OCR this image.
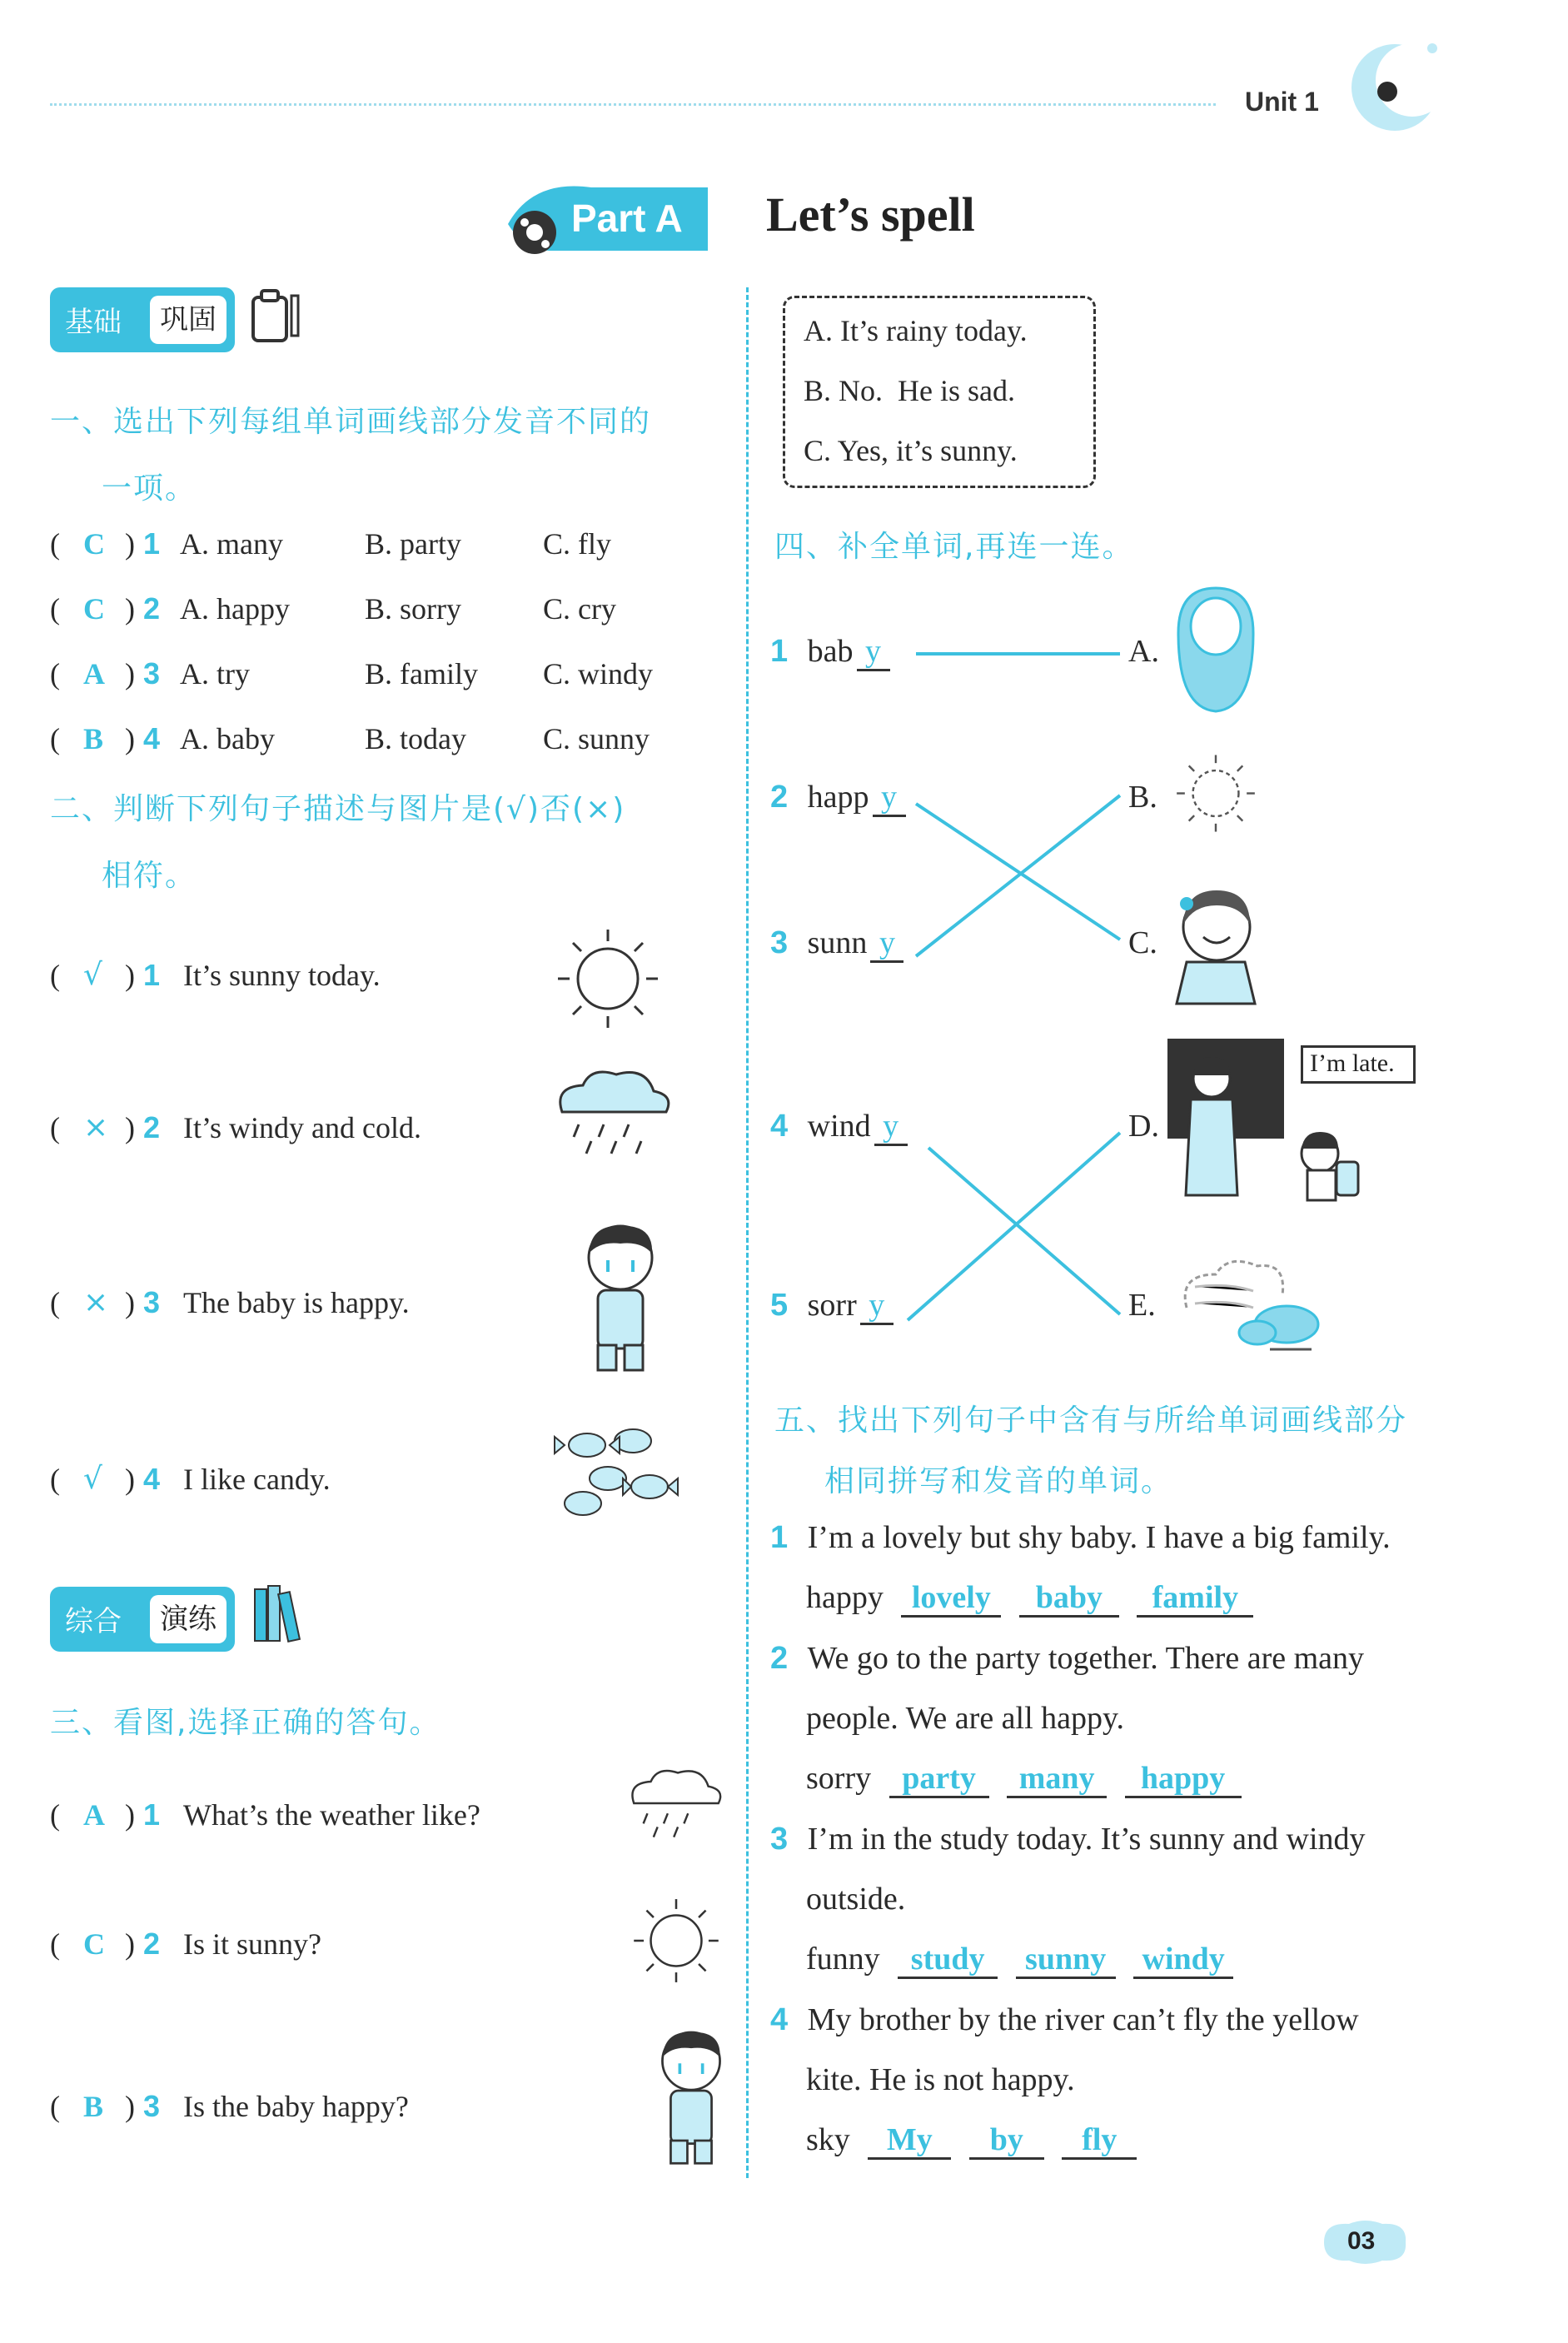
Unit 1
Part A Let’s spell
基础	巩固
一、选出下列每组单词画线部分发音不同的
一项。
( C ) 1 A. many	B. party	C. fly
( C ) 2 A. happy	B. sorry	C. cry
( A ) 3 A. try	B. family C. windy
( B ) 4 A. baby	B. today	C. sunny
二、判断下列句子描述与图片是(√)否(×)
相符。
( √ ) 1 It’s sunny today.
( × ) 2 It’s windy and cold.
( × ) 3 The baby is happy.
( √ ) 4 I like candy.
综合	演练
三、看图,选择正确的答句。
( A ) 1 What’s the weather like?
( C ) 2 Is it sunny?
( B ) 3 Is the baby happy?
A. It’s rainy today.
B. No.  He is sad.
C. Yes, it’s sunny.
四、补全单词,再连一连。
1 bab y
2 happ y
3 sunn y
4 wind y
5 sorr y
A.
B.
C.
D.
E.
I’m late.
五、找出下列句子中含有与所给单词画线部分
相同拼写和发音的单词。
1 I’m a lovely but shy baby. I have a big family.
happy lovely baby family
2 We go to the party together. There are many
people. We are all happy.
sorry party many happy
3 I’m in the study today. It’s sunny and windy
outside.
funny study sunny windy
4 My brother by the river can’t fly the yellow
kite. He is not happy.
sky My by fly
03
